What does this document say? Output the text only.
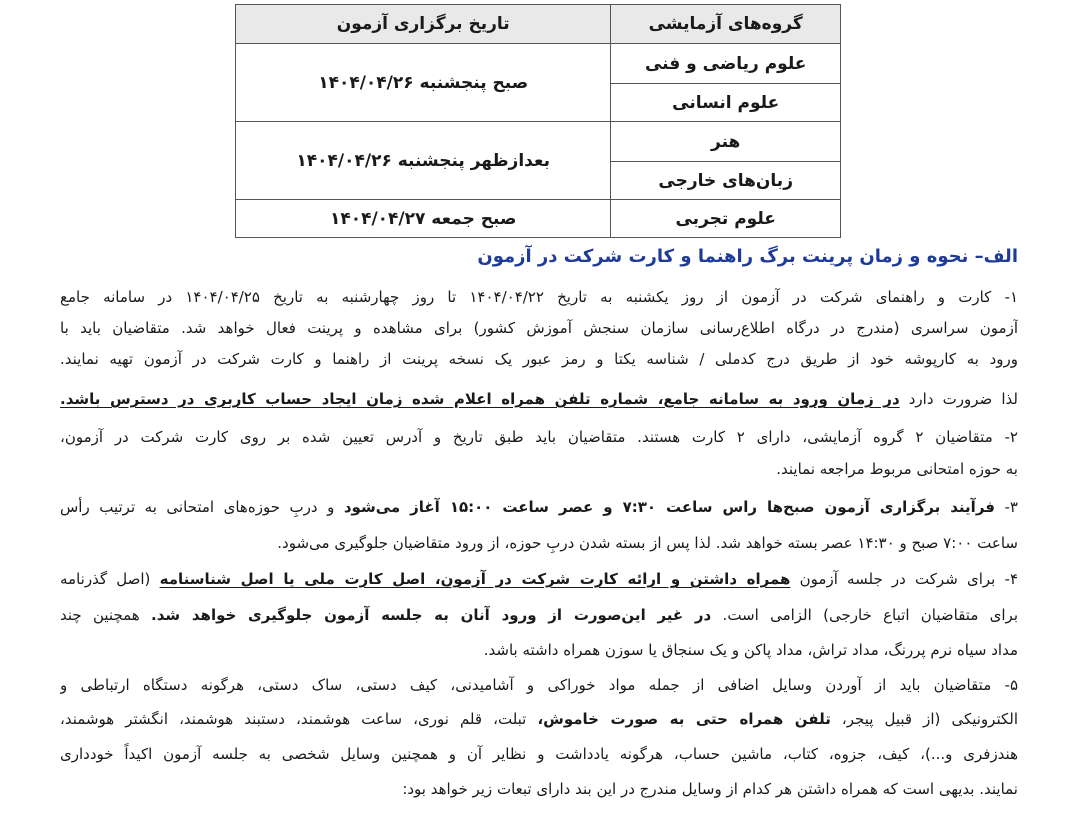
گروه‌های آزمایشی	تاریخ برگزاری آزمون
علوم ریاضی و فنی	صبح پنجشنبه ۱۴۰۴/۰۴/۲۶
علوم انسانی	
هنر	بعدازظهر پنجشنبه ۱۴۰۴/۰۴/۲۶
زبان‌های خارجی	
علوم تجربی	صبح جمعه ۱۴۰۴/۰۴/۲۷
الف– نحوه و زمان پرینت برگ راهنما و کارت شرکت در آزمون
۱- کارت و راهنمای شرکت در آزمون از روز یکشنبه به تاریخ ۱۴۰۴/۰۴/۲۲ تا روز چهارشنبه به تاریخ ۱۴۰۴/۰۴/۲۵ در سامانه جامع
آزمون سراسری (مندرج در درگاه اطلاع‌رسانی سازمان سنجش آموزش کشور) برای مشاهده و پرینت فعال خواهد شد. متقاضیان باید با
ورود به کارپوشه خود از طریق درج کدملی / شناسه یکتا و رمز عبور یک نسخه پرینت از راهنما و کارت شرکت در آزمون تهیه نمایند.
لذا ضرورت دارد در زمان ورود به سامانه جامع، شماره تلفن همراه اعلام شده زمان ایجاد حساب کاربری در دسترس باشد.
۲- متقاضیان ۲ گروه آزمایشی، دارای ۲ کارت هستند. متقاضیان باید طبق تاریخ و آدرس تعیین شده بر روی کارت شرکت در آزمون،
به حوزه امتحانی مربوط مراجعه نمایند.
۳- فرآیند برگزاری آزمون صبح‌ها راس ساعت ۷:۳۰ و عصر ساعت ۱۵:۰۰ آغاز می‌شود و دربِ حوزه‌های امتحانی به ترتیب رأس
ساعت ۷:۰۰ صبح و ۱۴:۳۰ عصر بسته خواهد شد. لذا پس از بسته شدن دربِ حوزه، از ورود متقاضیان جلوگیری می‌شود.
۴- برای شرکت در جلسه آزمون همراه داشتن و ارائه کارت شرکت در آزمون، اصل کارت ملی یا اصل شناسنامه (اصل گذرنامه
برای متقاضیان اتباع خارجی) الزامی است. در غیر این‌صورت از ورود آنان به جلسه آزمون جلوگیری خواهد شد. همچنین چند
مداد سیاه نرم پررنگ، مداد تراش، مداد پاکن و یک سنجاق یا سوزن همراه داشته باشد.
۵- متقاضیان باید از آوردن وسایل اضافی از جمله مواد خوراکی و آشامیدنی، کیف دستی، ساک دستی، هرگونه دستگاه ارتباطی و
الکترونیکی (از قبیل پیجر، تلفن همراه حتی به صورت خاموش، تبلت، قلم نوری، ساعت هوشمند، دستبند هوشمند، انگشتر هوشمند،
هندزفری و...)، کیف، جزوه، کتاب، ماشین حساب، هرگونه یادداشت و نظایر آن و همچنین وسایل شخصی به جلسه آزمون اکیداً خودداری
نمایند. بدیهی است که همراه داشتن هر کدام از وسایل مندرج در این بند دارای تبعات زیر خواهد بود:
